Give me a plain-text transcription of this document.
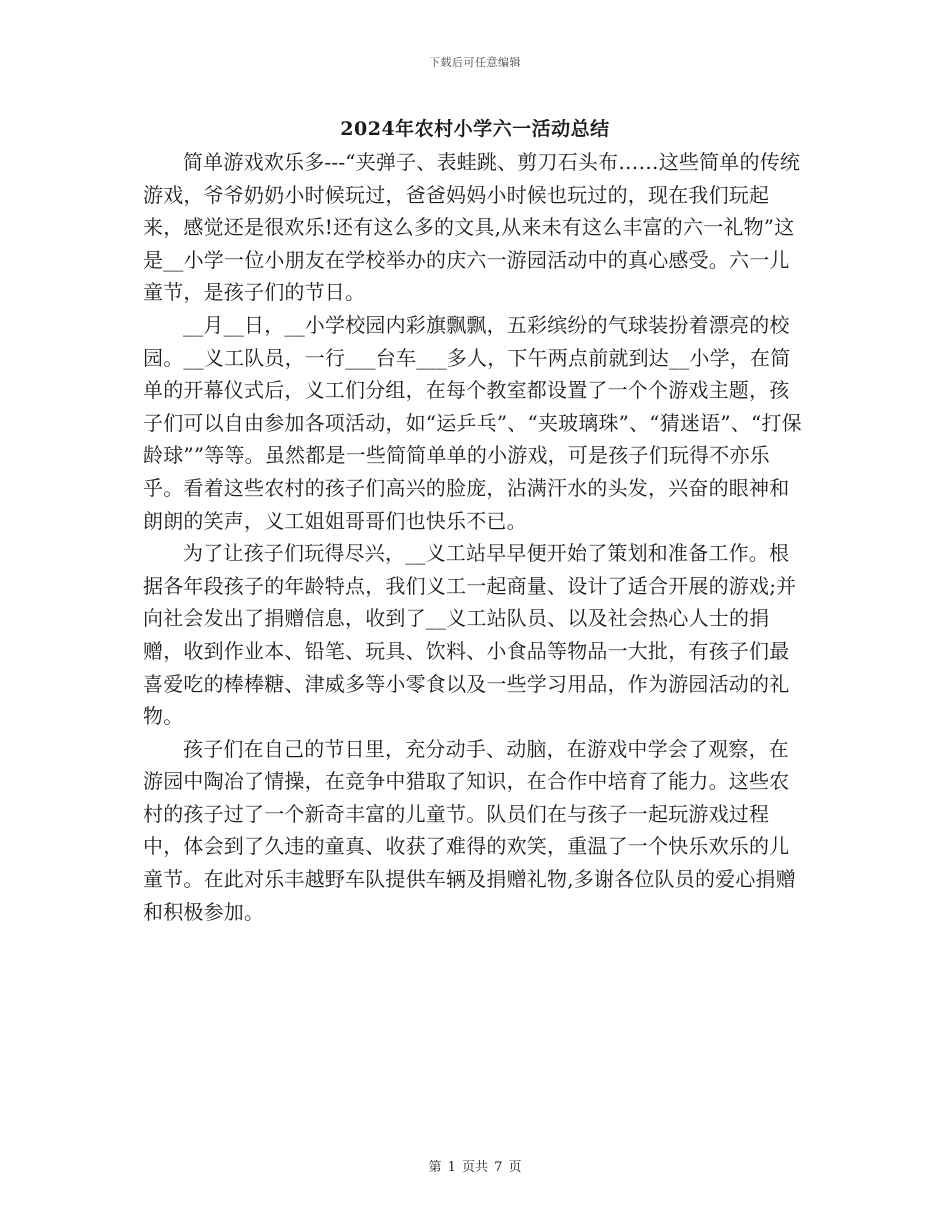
下载后可任意编辑
2024年农村小学六一活动总结

简单游戏欢乐多---“夹弹子、表蛙跳、剪刀石头布……这些简单的传统游戏，爷爷奶奶小时候玩过，爸爸妈妈小时候也玩过的，现在我们玩起来，感觉还是很欢乐!还有这么多的文具,从来未有这么丰富的六一礼物”这是__小学一位小朋友在学校举办的庆六一游园活动中的真心感受。六一儿童节，是孩子们的节日。

__月__日，__小学校园内彩旗飘飘，五彩缤纷的气球装扮着漂亮的校园。__义工队员，一行___台车___多人，下午两点前就到达__小学，在简单的开幕仪式后，义工们分组，在每个教室都设置了一个个游戏主题，孩子们可以自由参加各项活动，如“运乒乓”、“夹玻璃珠”、“猜迷语”、“打保龄球””等等。虽然都是一些简简单单的小游戏，可是孩子们玩得不亦乐乎。看着这些农村的孩子们高兴的脸庞，沾满汗水的头发，兴奋的眼神和朗朗的笑声，义工姐姐哥哥们也快乐不已。

为了让孩子们玩得尽兴，__义工站早早便开始了策划和准备工作。根据各年段孩子的年龄特点，我们义工一起商量、设计了适合开展的游戏;并向社会发出了捐赠信息，收到了__义工站队员、以及社会热心人士的捐赠，收到作业本、铅笔、玩具、饮料、小食品等物品一大批，有孩子们最喜爱吃的棒棒糖、津威多等小零食以及一些学习用品，作为游园活动的礼物。

孩子们在自己的节日里，充分动手、动脑，在游戏中学会了观察，在游园中陶冶了情操，在竞争中猎取了知识，在合作中培育了能力。这些农村的孩子过了一个新奇丰富的儿童节。队员们在与孩子一起玩游戏过程中，体会到了久违的童真、收获了难得的欢笑，重温了一个快乐欢乐的儿童节。在此对乐丰越野车队提供车辆及捐赠礼物,多谢各位队员的爱心捐赠和积极参加。

第 1 页共 7 页
